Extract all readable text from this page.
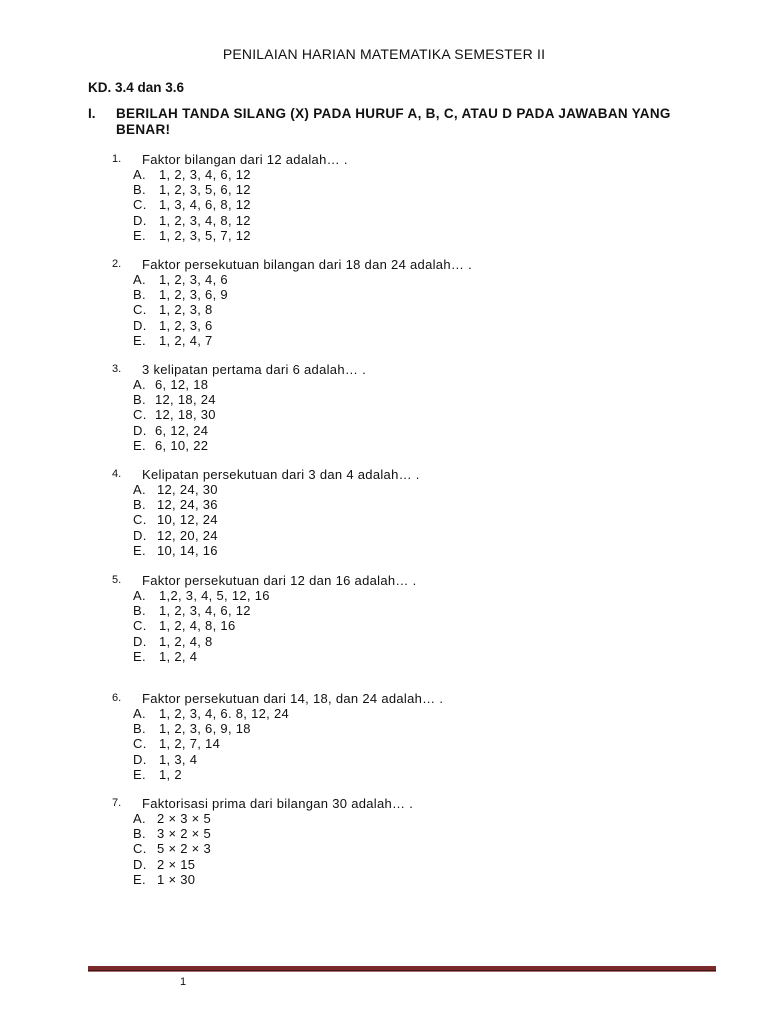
PENILAIAN HARIAN MATEMATIKA SEMESTER II
KD. 3.4 dan 3.6
I. BERILAH TANDA SILANG (X) PADA HURUF A, B, C, ATAU D PADA JAWABAN YANG BENAR!
1. Faktor bilangan dari 12 adalah… .
A. 1, 2, 3, 4, 6, 12
B. 1, 2, 3, 5, 6, 12
C. 1, 3, 4, 6, 8, 12
D. 1, 2, 3, 4, 8, 12
E. 1, 2, 3, 5, 7, 12
2. Faktor persekutuan bilangan dari 18 dan 24 adalah… .
A. 1, 2, 3, 4, 6
B. 1, 2, 3, 6, 9
C. 1, 2, 3, 8
D. 1, 2, 3, 6
E. 1, 2, 4, 7
3. 3 kelipatan pertama dari 6 adalah… .
A. 6, 12, 18
B. 12, 18, 24
C. 12, 18, 30
D. 6, 12, 24
E. 6, 10, 22
4. Kelipatan persekutuan dari 3 dan 4 adalah… .
A. 12, 24, 30
B. 12, 24, 36
C. 10, 12, 24
D. 12, 20, 24
E. 10, 14, 16
5. Faktor persekutuan dari 12 dan 16 adalah… .
A. 1,2, 3, 4, 5, 12, 16
B. 1, 2, 3, 4, 6, 12
C. 1, 2, 4, 8, 16
D. 1, 2, 4, 8
E. 1, 2, 4
6. Faktor persekutuan dari 14, 18, dan 24 adalah… .
A. 1, 2, 3, 4, 6. 8, 12, 24
B. 1, 2, 3, 6, 9, 18
C. 1, 2, 7, 14
D. 1, 3, 4
E. 1, 2
7. Faktorisasi prima dari bilangan 30 adalah… .
A. 2 × 3 × 5
B. 3 × 2 × 5
C. 5 × 2 × 3
D. 2 × 15
E. 1 × 30
1
